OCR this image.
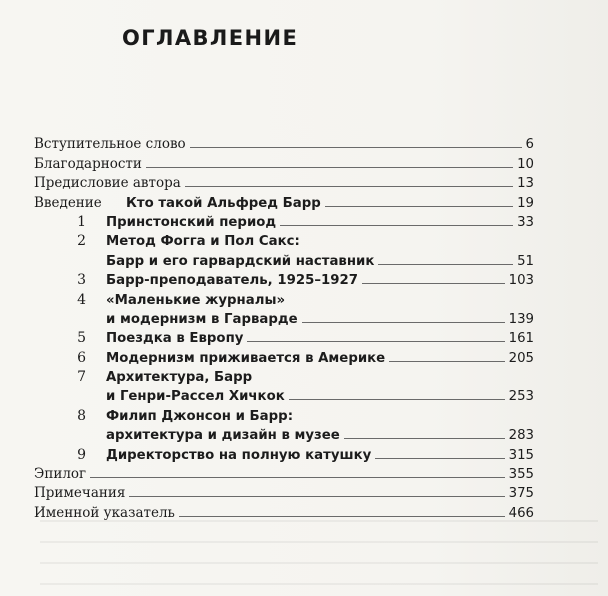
ОГЛАВЛЕНИЕ
Вступительное слово	6
Благодарности	10
Предисловие автора	13
Введение	Кто такой Альфред Барр	19
1	Принстонский период	33
2	Метод Фогга и Пол Сакс:
Барр и его гарвардский наставник	51
3	Барр-преподаватель, 1925–1927	103
4	«Маленькие журналы»
и модернизм в Гарварде	139
5	Поездка в Европу	161
6	Модернизм приживается в Америке	205
7	Архитектура, Барр
и Генри-Рассел Хичкок	253
8	Филип Джонсон и Барр:
архитектура и дизайн в музее	283
9	Директорство на полную катушку	315
Эпилог	355
Примечания	375
Именной указатель	466
